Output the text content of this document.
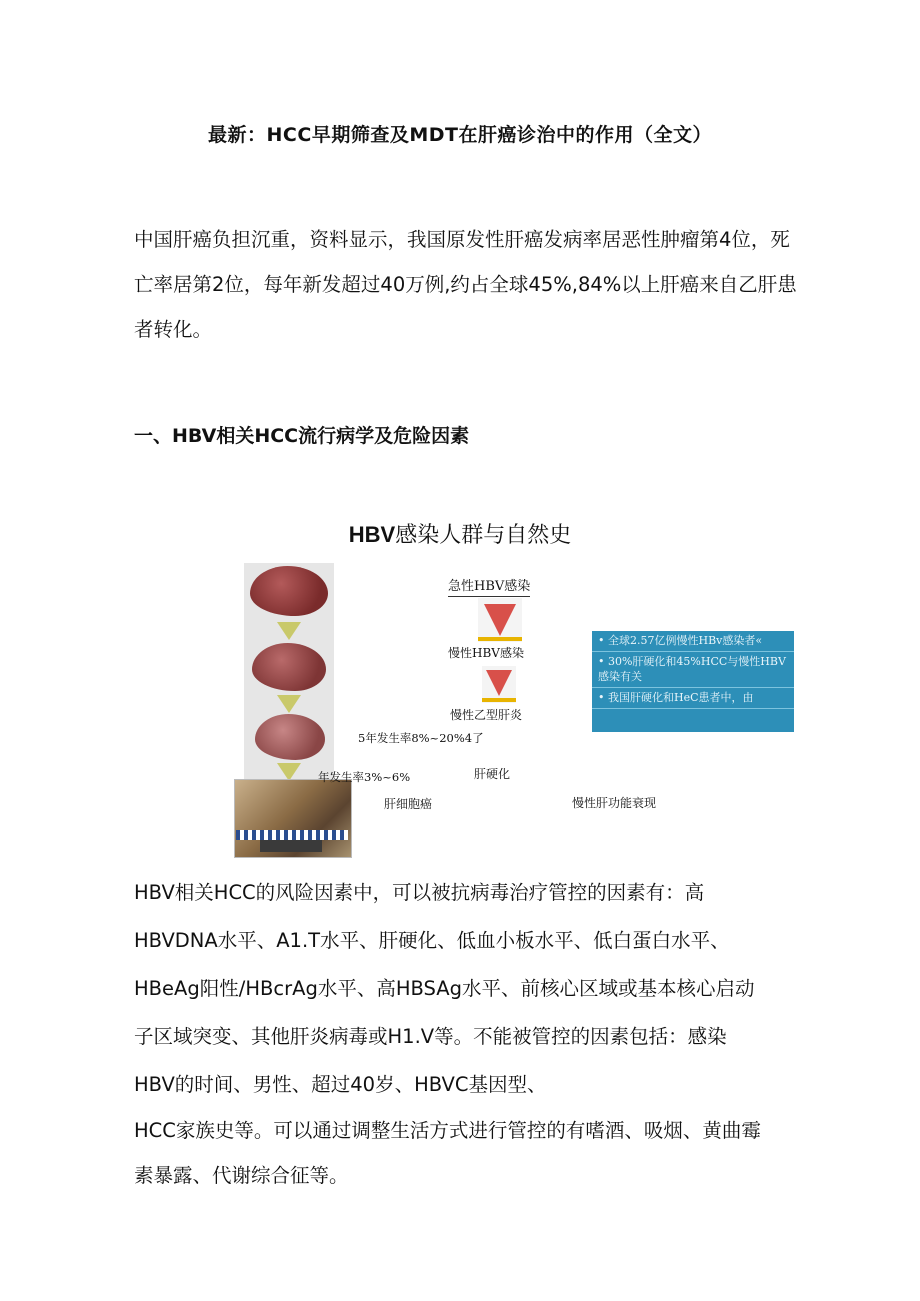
最新：HCC早期筛查及MDT在肝癌诊治中的作用（全文）

中国肝癌负担沉重，资料显示，我国原发性肝癌发病率居恶性肿瘤第4位，死亡率居第2位，每年新发超过40万例,约占全球45%,84%以上肝癌来自乙肝患者转化。

一、HBV相关HCC流行病学及危险因素
HBV感染人群与自然史
急性HBV感染
慢性HBV感染
慢性乙型肝炎
5年发生率8%~20%4了
肝硬化
年发生率3%~6%
肝细胞癌	慢性肝功能衰现
• 全球2.57亿例慢性HBv感染者«
• 30%肝硬化和45%HCC与慢性HBV感染有关
• 我国肝硬化和HeC患者中，由
HBV相关HCC的风险因素中，可以被抗病毒治疗管控的因素有：高
HBVDNA水平、A1.T水平、肝硬化、低血小板水平、低白蛋白水平、
HBeAg阳性/HBcrAg水平、高HBSAg水平、前核心区域或基本核心启动
子区域突变、其他肝炎病毒或H1.V等。不能被管控的因素包括：感染
HBV的时间、男性、超过40岁、HBVC基因型、
HCC家族史等。可以通过调整生活方式进行管控的有嗜酒、吸烟、黄曲霉
素暴露、代谢综合征等。
